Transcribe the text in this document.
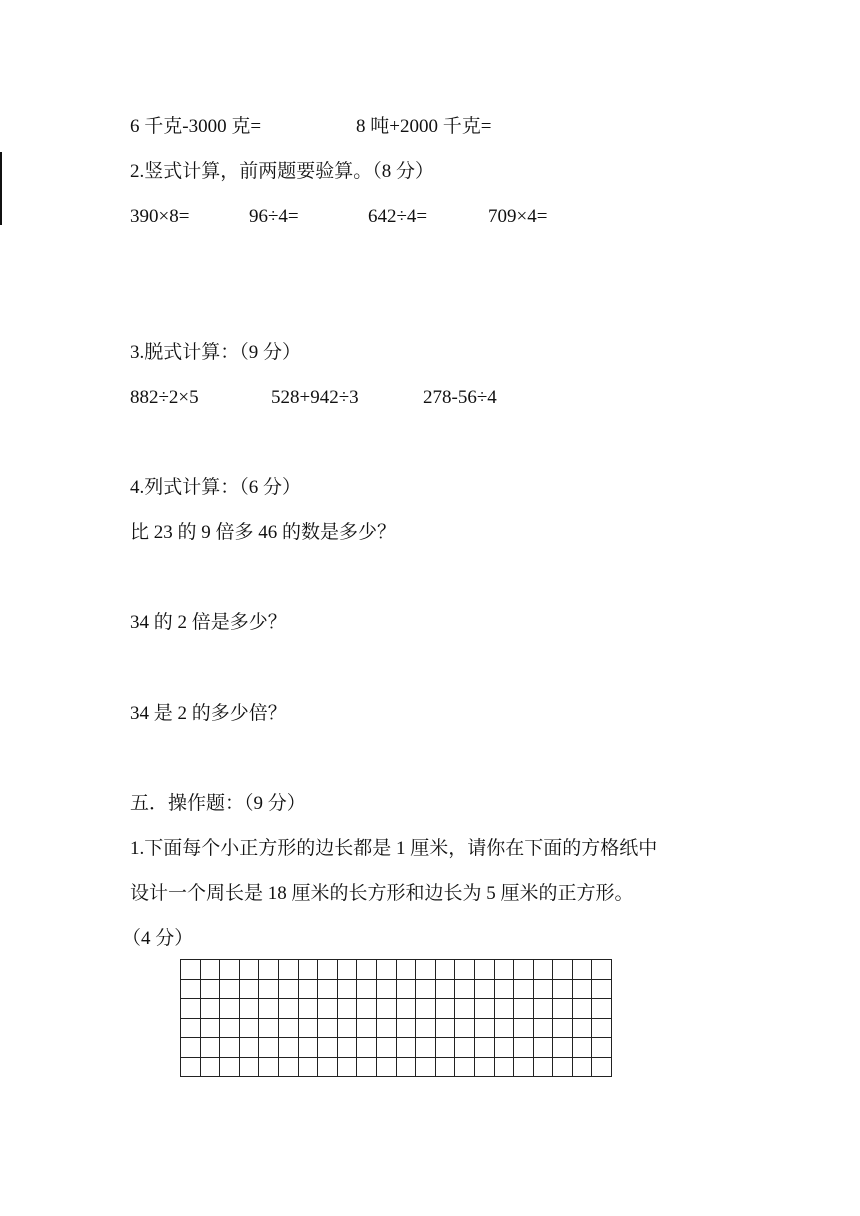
6 千克-3000 克=	8 吨+2000 千克=
2.竖式计算，前两题要验算。（8 分）
390×8=	96÷4=	642÷4=	709×4=
3.脱式计算：（9 分）
882÷2×5	528+942÷3	278-56÷4
4.列式计算：（6 分）
比 23 的 9 倍多 46 的数是多少？
34 的 2 倍是多少？
34 是 2 的多少倍？
五．操作题：（9 分）
1.下面每个小正方形的边长都是 1 厘米，请你在下面的方格纸中
设计一个周长是 18 厘米的长方形和边长为 5 厘米的正方形。
（4 分）
